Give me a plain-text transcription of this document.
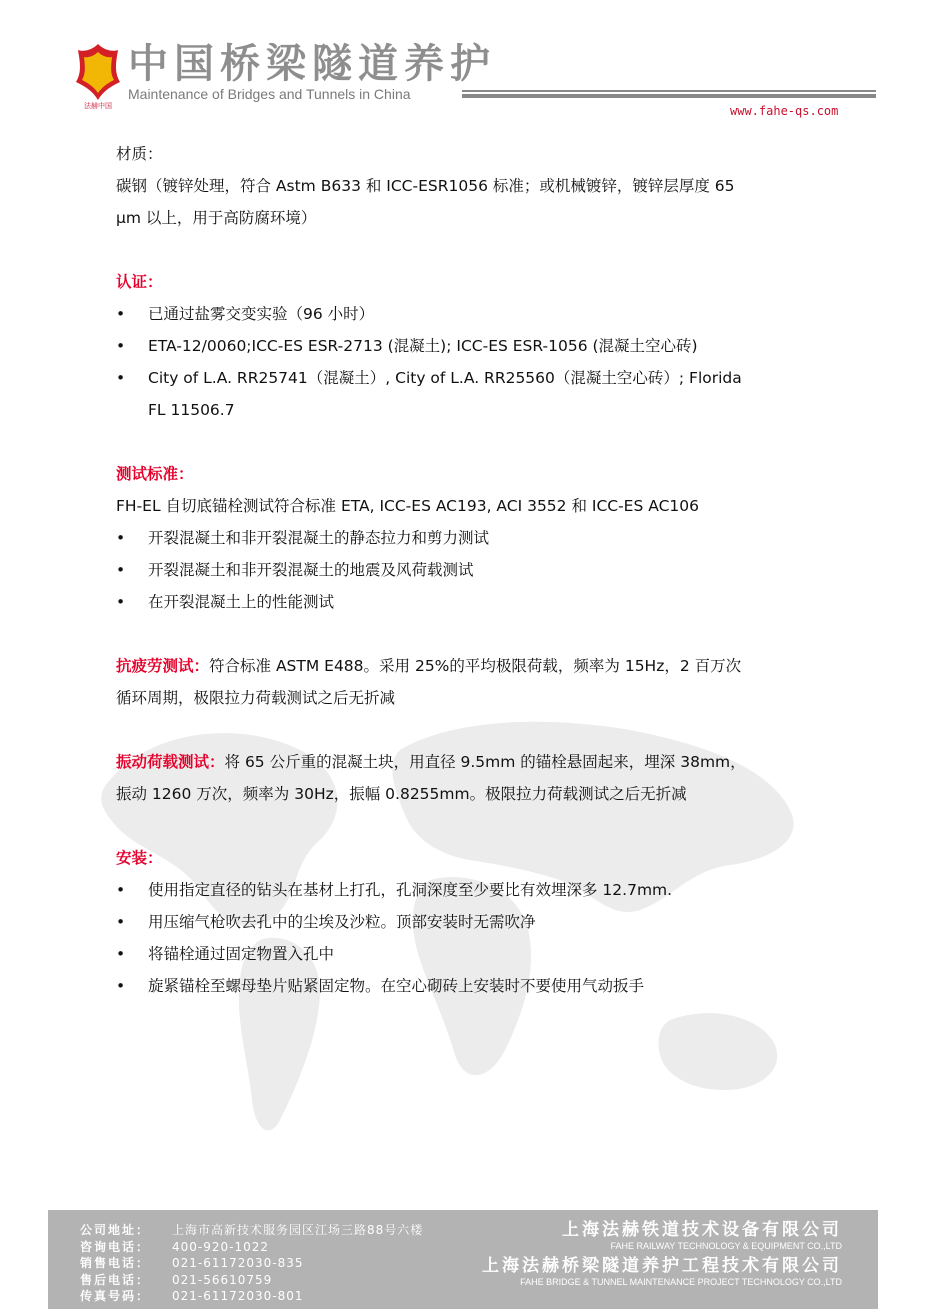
法赫中国
中国桥梁隧道养护
Maintenance of Bridges and Tunnels in China
www.fahe-qs.com

材质：

碳钢（镀锌处理，符合 Astm B633 和 ICC-ESR1056 标准；或机械镀锌，镀锌层厚度 65

μm 以上，用于高防腐环境）

认证：

•	已通过盐雾交变实验（96 小时）
•	ETA-12/0060;ICC-ES ESR-2713 (混凝土); ICC-ES ESR-1056 (混凝土空心砖)
•	City of L.A. RR25741（混凝土）, City of L.A. RR25560（混凝土空心砖）; Florida
FL 11506.7

测试标准：

FH-EL 自切底锚栓测试符合标准 ETA, ICC-ES AC193, ACI 3552 和 ICC-ES AC106

•	开裂混凝土和非开裂混凝土的静态拉力和剪力测试
•	开裂混凝土和非开裂混凝土的地震及风荷载测试
•	在开裂混凝土上的性能测试

抗疲劳测试：符合标准 ASTM E488。采用 25%的平均极限荷载，频率为 15Hz，2 百万次

循环周期，极限拉力荷载测试之后无折减

振动荷载测试：将 65 公斤重的混凝土块，用直径 9.5mm 的锚栓悬固起来，埋深 38mm，

振动 1260 万次，频率为 30Hz，振幅 0.8255mm。极限拉力荷载测试之后无折减

安装：

•	使用指定直径的钻头在基材上打孔，孔洞深度至少要比有效埋深多 12.7mm.
•	用压缩气枪吹去孔中的尘埃及沙粒。顶部安装时无需吹净
•	将锚栓通过固定物置入孔中
•	旋紧锚栓至螺母垫片贴紧固定物。在空心砌砖上安装时不要使用气动扳手
公司地址：	上海市高新技术服务园区江场三路88号六楼
咨询电话：	400-920-1022
销售电话：	021-61172030-835
售后电话：	021-56610759
传真号码：	021-61172030-801
上海法赫铁道技术设备有限公司
FAHE RAILWAY TECHNOLOGY & EQUIPMENT CO.,LTD
上海法赫桥梁隧道养护工程技术有限公司
FAHE BRIDGE & TUNNEL MAINTENANCE PROJECT TECHNOLOGY CO.,LTD
